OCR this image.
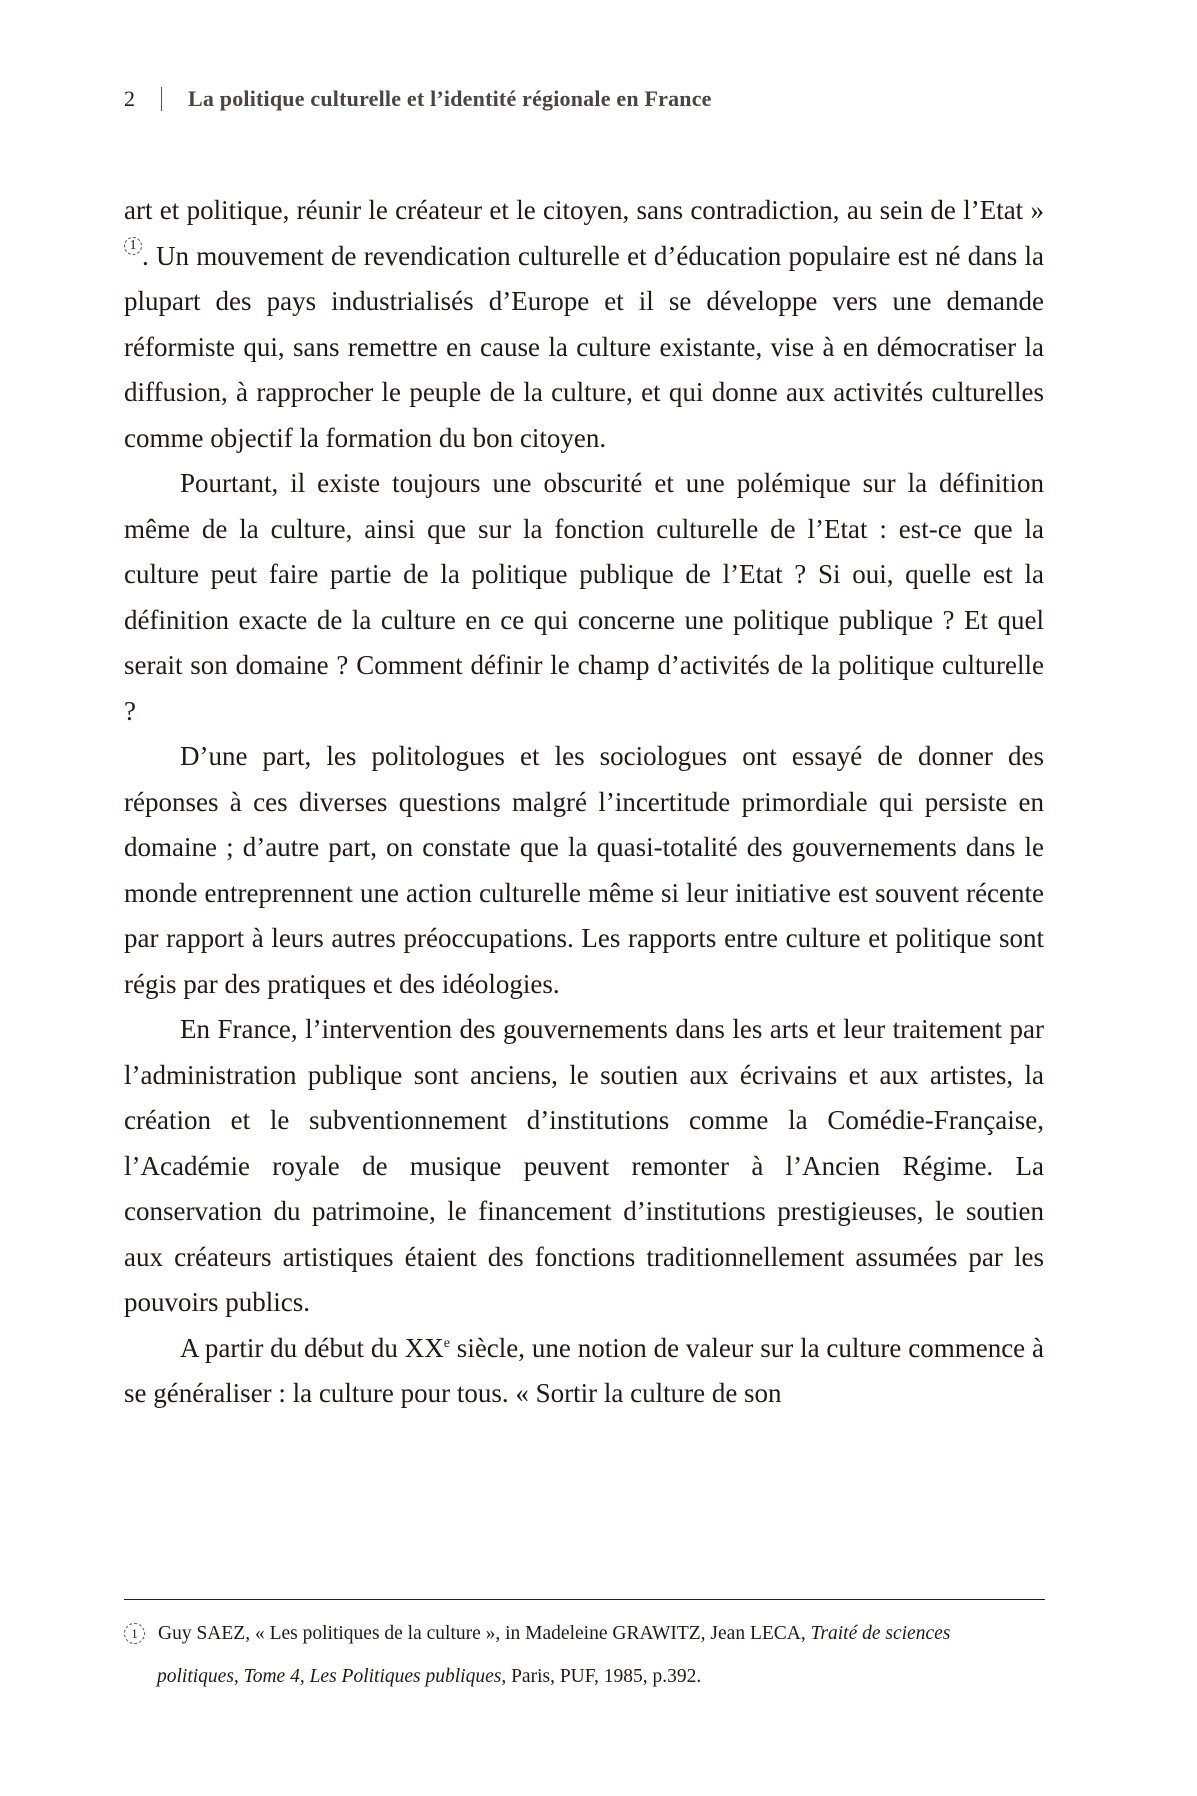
2 La politique culturelle et l’identité régionale en France

art et politique, réunir le créateur et le citoyen, sans contradiction, au sein de l’Etat »1 . Un mouvement de revendication culturelle et d’éducation populaire est né dans la plupart des pays industrialisés d’Europe et il se développe vers une demande réformiste qui, sans remettre en cause la culture existante, vise à en démocratiser la diffusion, à rapprocher le peuple de la culture, et qui donne aux activités culturelles comme objectif la formation du bon citoyen.

Pourtant, il existe toujours une obscurité et une polémique sur la définition même de la culture, ainsi que sur la fonction culturelle de l’Etat : est-ce que la culture peut faire partie de la politique publique de l’Etat ? Si oui, quelle est la définition exacte de la culture en ce qui concerne une politique publique ? Et quel serait son domaine ? Comment définir le champ d’activités de la politique culturelle ?

D’une part, les politologues et les sociologues ont essayé de donner des réponses à ces diverses questions malgré l’incertitude primordiale qui persiste en domaine ; d’autre part, on constate que la quasi-totalité des gouvernements dans le monde entreprennent une action culturelle même si leur initiative est souvent récente par rapport à leurs autres préoccupations. Les rapports entre culture et politique sont régis par des pratiques et des idéologies.

En France, l’intervention des gouvernements dans les arts et leur traitement par l’administration publique sont anciens, le soutien aux écrivains et aux artistes, la création et le subventionnement d’institutions comme la Comédie-Française, l’Académie royale de musique peuvent remonter à l’Ancien Régime. La conservation du patrimoine, le financement d’institutions prestigieuses, le soutien aux créateurs artistiques étaient des fonctions traditionnellement assumées par les pouvoirs publics.

A partir du début du XXe siècle, une notion de valeur sur la culture commence à se généraliser : la culture pour tous. « Sortir la culture de son

1	Guy SAEZ, « Les politiques de la culture », in Madeleine GRAWITZ, Jean LECA, Traité de sciences
politiques, Tome 4, Les Politiques publiques, Paris, PUF, 1985, p.392.
